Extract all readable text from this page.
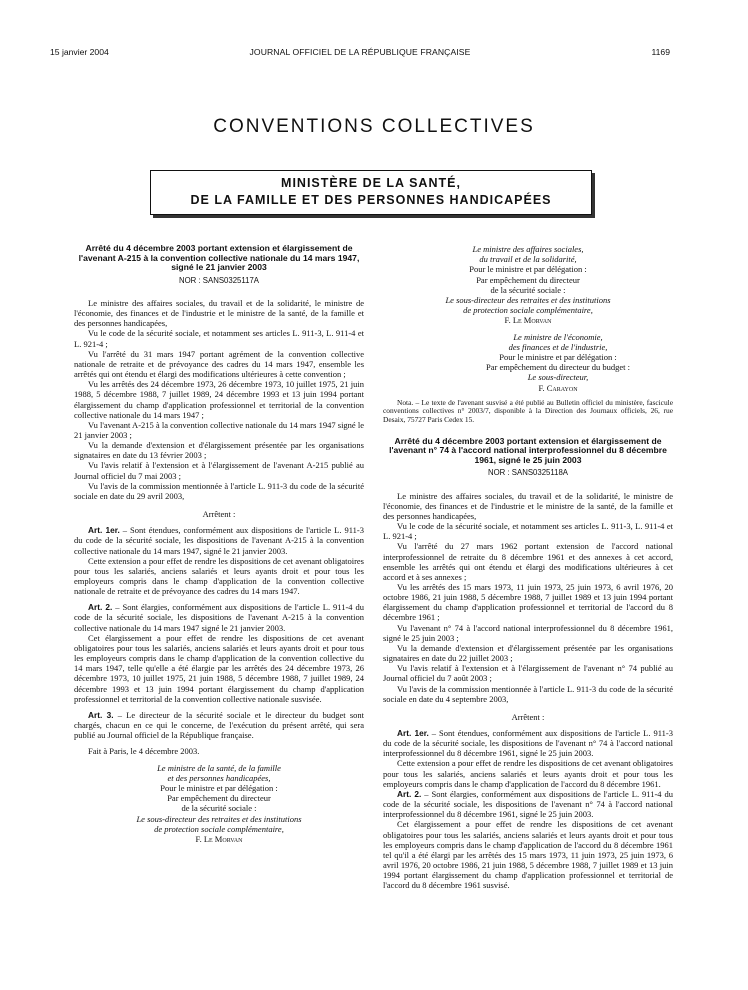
15 janvier 2004	JOURNAL OFFICIEL DE LA RÉPUBLIQUE FRANÇAISE	1169
CONVENTIONS COLLECTIVES
MINISTÈRE DE LA SANTÉ,
DE LA FAMILLE ET DES PERSONNES HANDICAPÉES
Arrêté du 4 décembre 2003 portant extension et élargissement de l'avenant A-215 à la convention collective nationale du 14 mars 1947, signé le 21 janvier 2003
NOR : SANS0325117A

Le ministre des affaires sociales, du travail et de la solidarité, le ministre de l'économie, des finances et de l'industrie et le ministre de la santé, de la famille et des personnes handicapées,

Vu le code de la sécurité sociale, et notamment ses articles L. 911-3, L. 911-4 et L. 921-4 ;

Vu l'arrêté du 31 mars 1947 portant agrément de la convention collective nationale de retraite et de prévoyance des cadres du 14 mars 1947, ensemble les arrêtés qui ont étendu et élargi des modifications ultérieures à cette convention ;

Vu les arrêtés des 24 décembre 1973, 26 décembre 1973, 10 juillet 1975, 21 juin 1988, 5 décembre 1988, 7 juillet 1989, 24 décembre 1993 et 13 juin 1994 portant élargissement du champ d'application professionnel et territorial de la convention collective nationale du 14 mars 1947 ;

Vu l'avenant A-215 à la convention collective nationale du 14 mars 1947 signé le 21 janvier 2003 ;

Vu la demande d'extension et d'élargissement présentée par les organisations signataires en date du 13 février 2003 ;

Vu l'avis relatif à l'extension et à l'élargissement de l'avenant A-215 publié au Journal officiel du 7 mai 2003 ;

Vu l'avis de la commission mentionnée à l'article L. 911-3 du code de la sécurité sociale en date du 29 avril 2003,

Arrêtent :

Art. 1er. – Sont étendues, conformément aux dispositions de l'article L. 911-3 du code de la sécurité sociale, les dispositions de l'avenant A-215 à la convention collective nationale du 14 mars 1947, signé le 21 janvier 2003.

Cette extension a pour effet de rendre les dispositions de cet avenant obligatoires pour tous les salariés, anciens salariés et leurs ayants droit et pour tous les employeurs compris dans le champ d'application de la convention collective nationale de retraite et de prévoyance des cadres du 14 mars 1947.

Art. 2. – Sont élargies, conformément aux dispositions de l'article L. 911-4 du code de la sécurité sociale, les dispositions de l'avenant A-215 à la convention collective nationale du 14 mars 1947 signé le 21 janvier 2003.

Cet élargissement a pour effet de rendre les dispositions de cet avenant obligatoires pour tous les salariés, anciens salariés et leurs ayants droit et pour tous les employeurs compris dans le champ d'application de la convention collective du 14 mars 1947, telle qu'elle a été élargie par les arrêtés des 24 décembre 1973, 26 décembre 1973, 10 juillet 1975, 21 juin 1988, 5 décembre 1988, 7 juillet 1989, 24 décembre 1993 et 13 juin 1994 portant élargissement du champ d'application professionnel et territorial de la convention collective nationale susvisée.

Art. 3. – Le directeur de la sécurité sociale et le directeur du budget sont chargés, chacun en ce qui le concerne, de l'exécution du présent arrêté, qui sera publié au Journal officiel de la République française.

Fait à Paris, le 4 décembre 2003.

Le ministre de la santé, de la famille
et des personnes handicapées,
Pour le ministre et par délégation :
Par empêchement du directeur
de la sécurité sociale :
Le sous-directeur des retraites et des institutions
de protection sociale complémentaire,
F. Le Morvan
Le ministre des affaires sociales,
du travail et de la solidarité,
Pour le ministre et par délégation :
Par empêchement du directeur
de la sécurité sociale :
Le sous-directeur des retraites et des institutions
de protection sociale complémentaire,
F. Le Morvan
Le ministre de l'économie,
des finances et de l'industrie,
Pour le ministre et par délégation :
Par empêchement du directeur du budget :
Le sous-directeur,
F. Carayon
Nota. – Le texte de l'avenant susvisé a été publié au Bulletin officiel du ministère, fascicule conventions collectives n° 2003/7, disponible à la Direction des Journaux officiels, 26, rue Desaix, 75727 Paris Cedex 15.
Arrêté du 4 décembre 2003 portant extension et élargissement de l'avenant n° 74 à l'accord national interprofessionnel du 8 décembre 1961, signé le 25 juin 2003
NOR : SANS0325118A

Le ministre des affaires sociales, du travail et de la solidarité, le ministre de l'économie, des finances et de l'industrie et le ministre de la santé, de la famille et des personnes handicapées,

Vu le code de la sécurité sociale, et notamment ses articles L. 911-3, L. 911-4 et L. 921-4 ;

Vu l'arrêté du 27 mars 1962 portant extension de l'accord national interprofessionnel de retraite du 8 décembre 1961 et des annexes à cet accord, ensemble les arrêtés qui ont étendu et élargi des modifications ultérieures à cet accord et à ses annexes ;

Vu les arrêtés des 15 mars 1973, 11 juin 1973, 25 juin 1973, 6 avril 1976, 20 octobre 1986, 21 juin 1988, 5 décembre 1988, 7 juillet 1989 et 13 juin 1994 portant élargissement du champ d'application professionnel et territorial de l'accord du 8 décembre 1961 ;

Vu l'avenant n° 74 à l'accord national interprofessionnel du 8 décembre 1961, signé le 25 juin 2003 ;

Vu la demande d'extension et d'élargissement présentée par les organisations signataires en date du 22 juillet 2003 ;

Vu l'avis relatif à l'extension et à l'élargissement de l'avenant n° 74 publié au Journal officiel du 7 août 2003 ;

Vu l'avis de la commission mentionnée à l'article L. 911-3 du code de la sécurité sociale en date du 4 septembre 2003,

Arrêtent :

Art. 1er. – Sont étendues, conformément aux dispositions de l'article L. 911-3 du code de la sécurité sociale, les dispositions de l'avenant n° 74 à l'accord national interprofessionnel du 8 décembre 1961, signé le 25 juin 2003.

Cette extension a pour effet de rendre les dispositions de cet avenant obligatoires pour tous les salariés, anciens salariés et leurs ayants droit et pour tous les employeurs compris dans le champ d'application de l'accord du 8 décembre 1961.

Art. 2. – Sont élargies, conformément aux dispositions de l'article L. 911-4 du code de la sécurité sociale, les dispositions de l'avenant n° 74 à l'accord national interprofessionnel du 8 décembre 1961, signé le 25 juin 2003.

Cet élargissement a pour effet de rendre les dispositions de cet avenant obligatoires pour tous les salariés, anciens salariés et leurs ayants droit et pour tous les employeurs compris dans le champ d'application de l'accord du 8 décembre 1961 tel qu'il a été élargi par les arrêtés des 15 mars 1973, 11 juin 1973, 25 juin 1973, 6 avril 1976, 20 octobre 1986, 21 juin 1988, 5 décembre 1988, 7 juillet 1989 et 13 juin 1994 portant élargissement du champ d'application professionnel et territorial de l'accord du 8 décembre 1961 susvisé.
